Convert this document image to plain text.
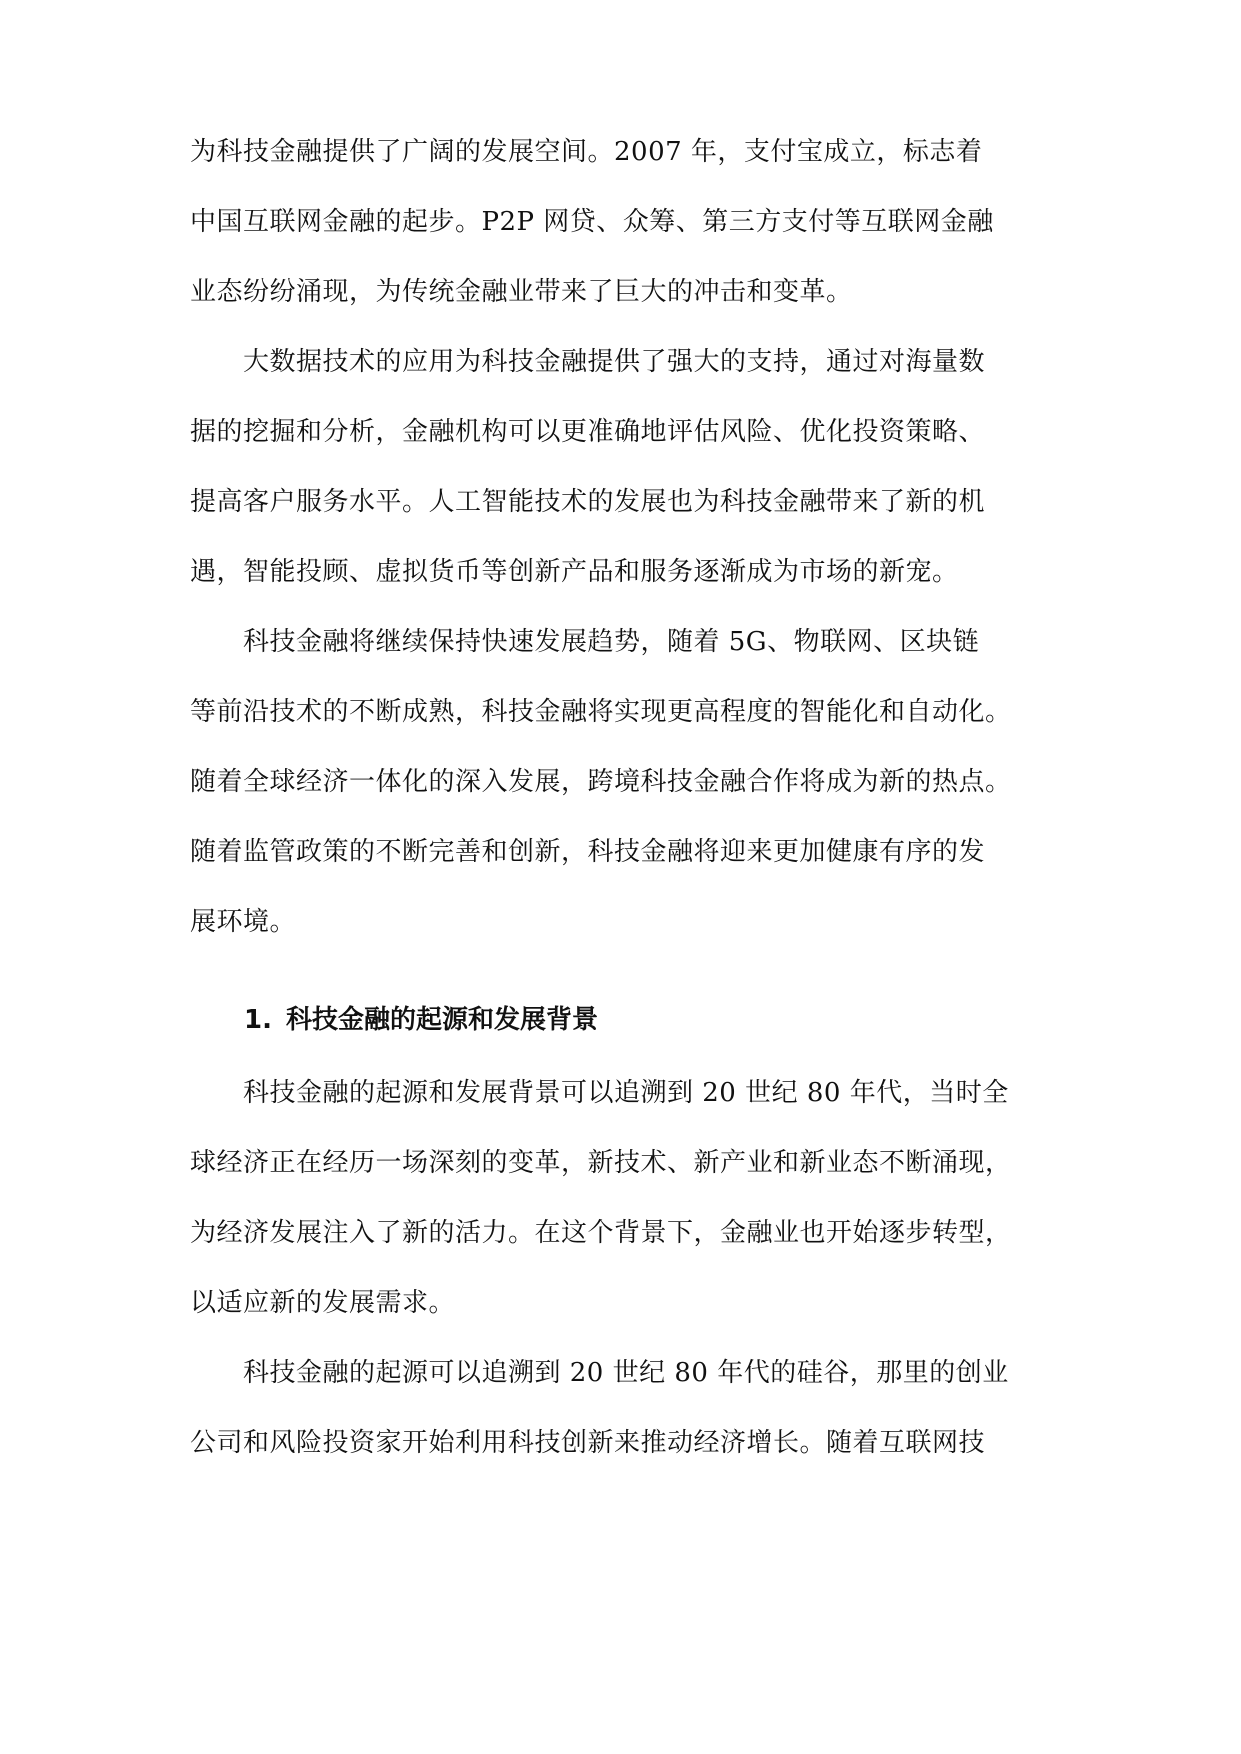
为科技金融提供了广阔的发展空间。2007 年，支付宝成立，标志着
中国互联网金融的起步。P2P 网贷、众筹、第三方支付等互联网金融
业态纷纷涌现，为传统金融业带来了巨大的冲击和变革。
　　大数据技术的应用为科技金融提供了强大的支持，通过对海量数
据的挖掘和分析，金融机构可以更准确地评估风险、优化投资策略、
提高客户服务水平。人工智能技术的发展也为科技金融带来了新的机
遇，智能投顾、虚拟货币等创新产品和服务逐渐成为市场的新宠。
　　科技金融将继续保持快速发展趋势，随着 5G、物联网、区块链
等前沿技术的不断成熟，科技金融将实现更高程度的智能化和自动化。
随着全球经济一体化的深入发展，跨境科技金融合作将成为新的热点。
随着监管政策的不断完善和创新，科技金融将迎来更加健康有序的发
展环境。
1. 科技金融的起源和发展背景
　　科技金融的起源和发展背景可以追溯到 20 世纪 80 年代，当时全
球经济正在经历一场深刻的变革，新技术、新产业和新业态不断涌现，
为经济发展注入了新的活力。在这个背景下，金融业也开始逐步转型，
以适应新的发展需求。
　　科技金融的起源可以追溯到 20 世纪 80 年代的硅谷，那里的创业
公司和风险投资家开始利用科技创新来推动经济增长。随着互联网技
